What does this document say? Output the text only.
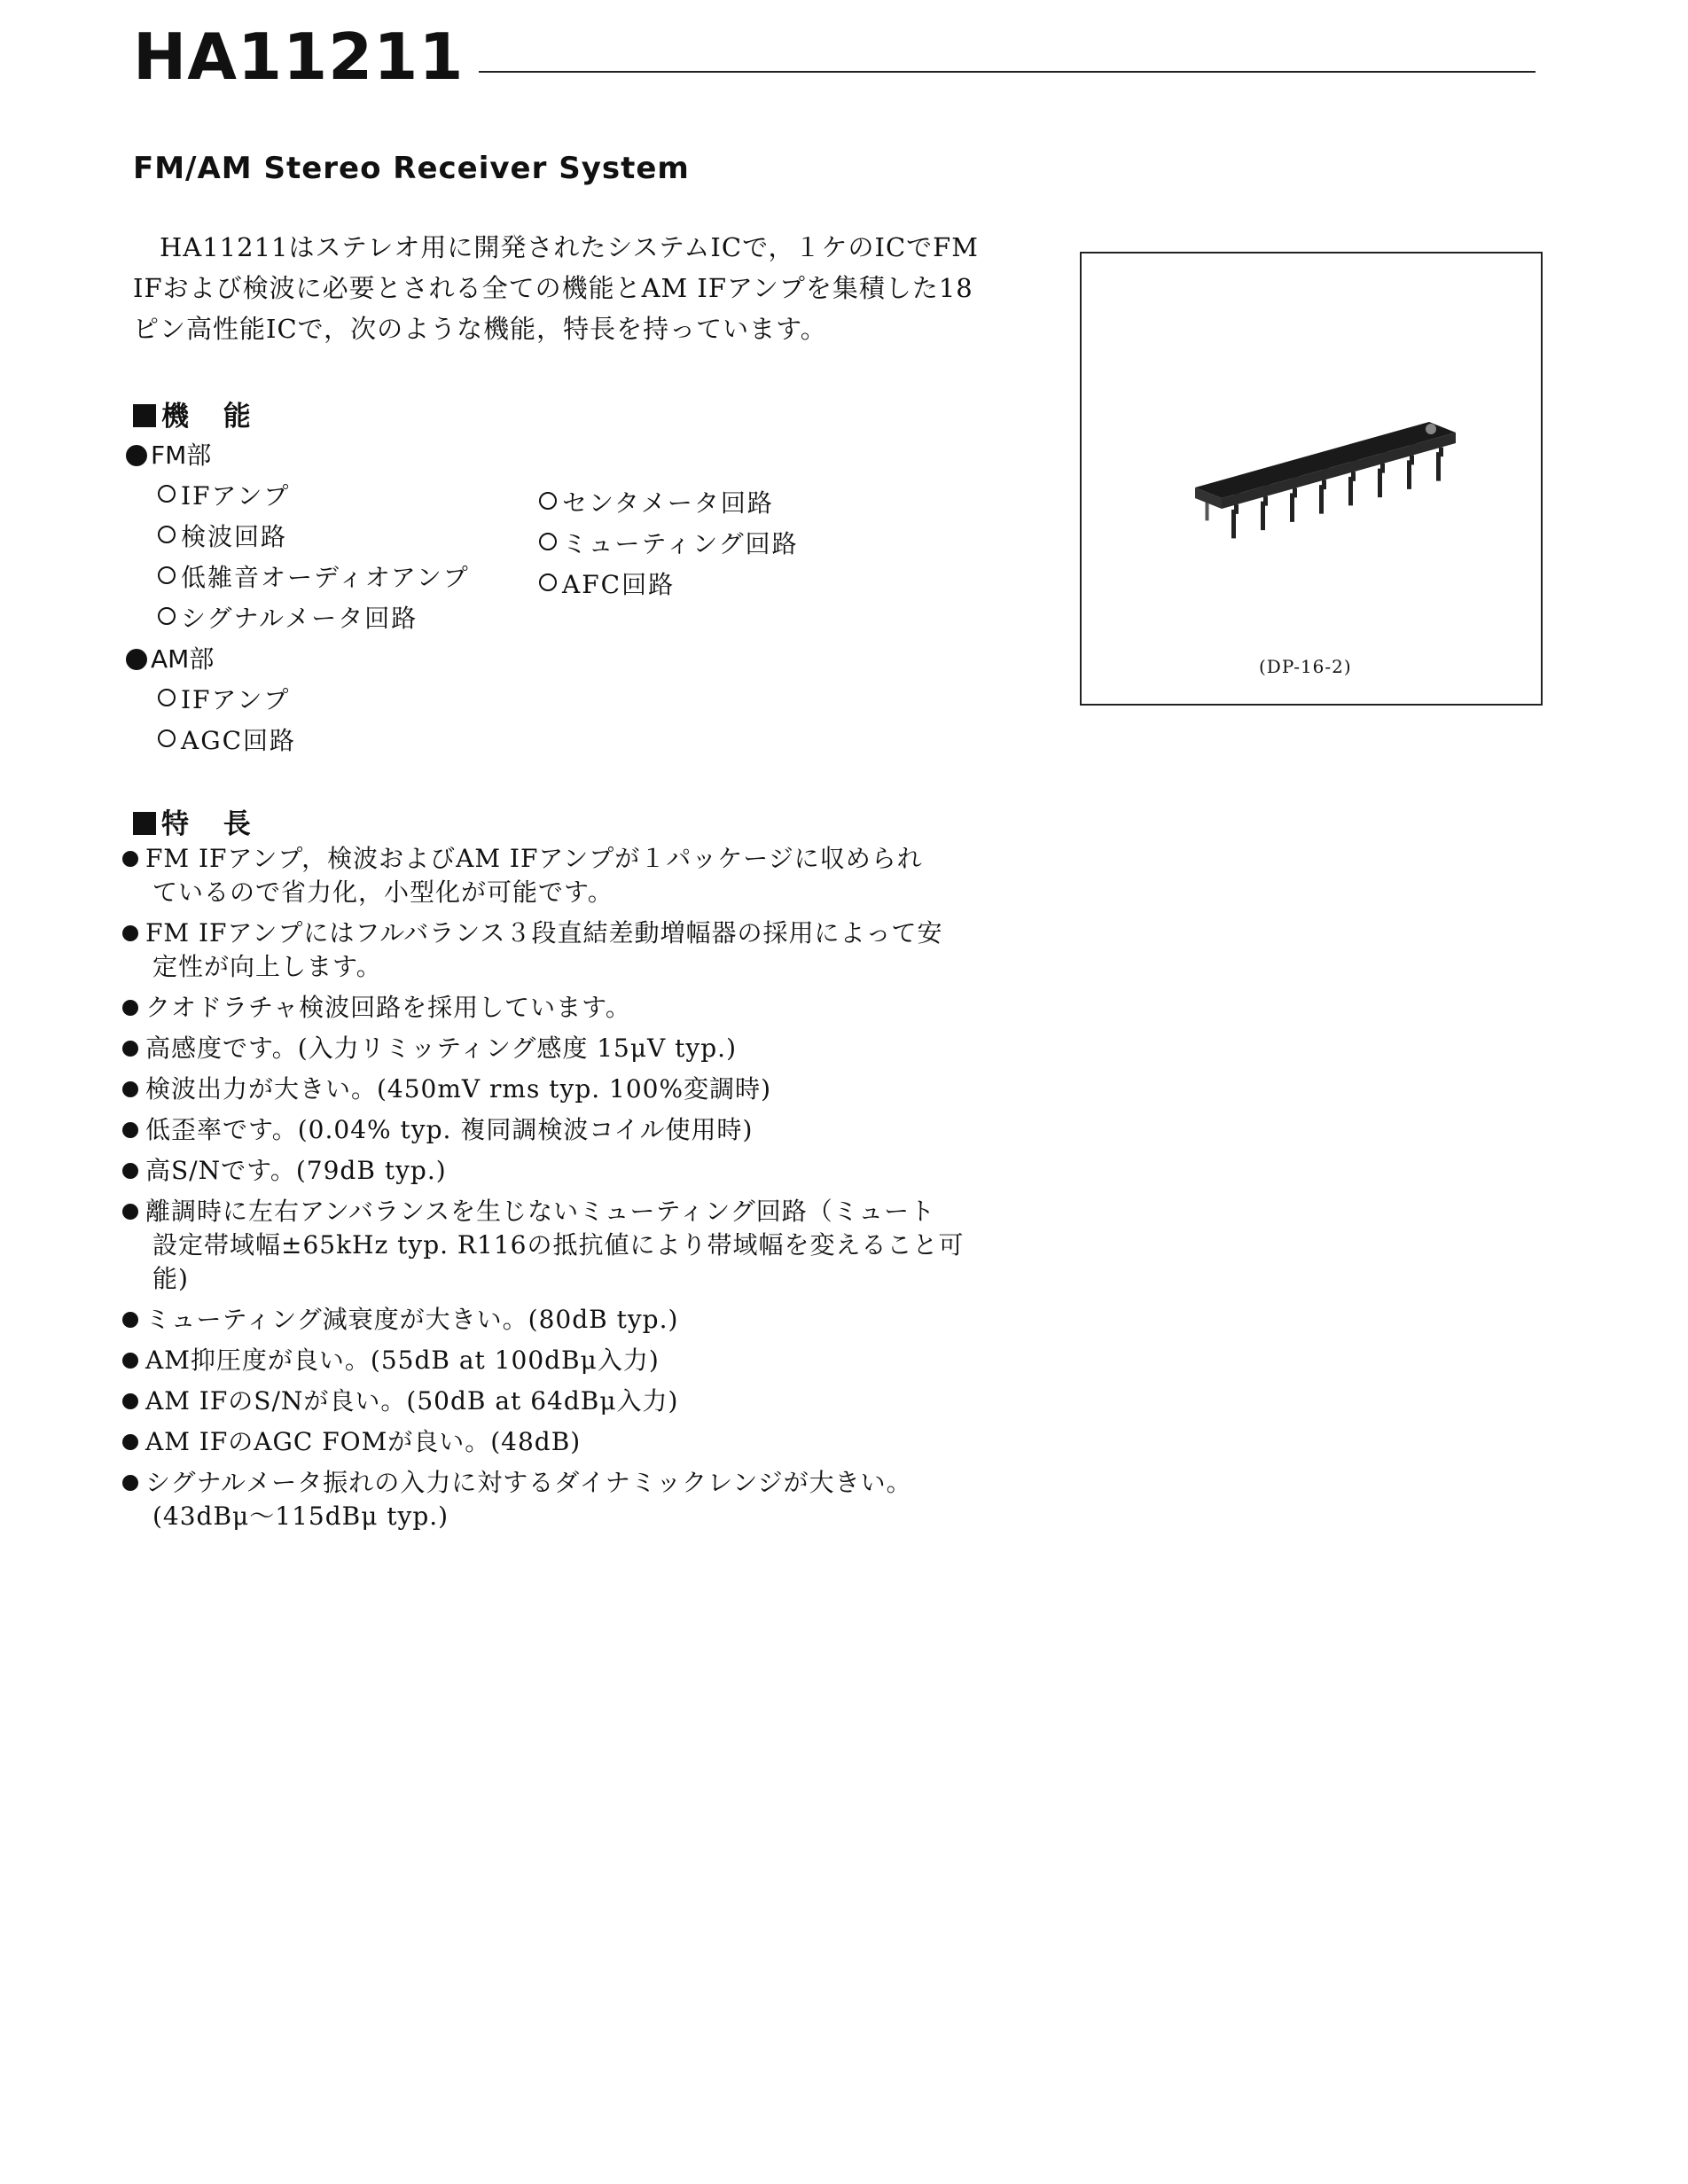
HA11211
FM/AM Stereo Receiver System
HA11211はステレオ用に開発されたシステムICで，１ケのICでFM
IFおよび検波に必要とされる全ての機能とAM IFアンプを集積した18
ピン高性能ICで，次のような機能，特長を持っています。
機 能
FM部
IFアンプ
検波回路
低雑音オーディオアンプ
シグナルメータ回路
センタメータ回路
ミューティング回路
AFC回路
AM部
IFアンプ
AGC回路
特 長
FM IFアンプ，検波およびAM IFアンプが１パッケージに収められ
ているので省力化，小型化が可能です。
FM IFアンプにはフルバランス３段直結差動増幅器の採用によって安
定性が向上します。
クオドラチャ検波回路を採用しています。
高感度です。(入力リミッティング感度 15μV typ.)
検波出力が大きい。(450mV rms typ. 100%変調時)
低歪率です。(0.04% typ. 複同調検波コイル使用時)
高S/Nです。(79dB typ.)
離調時に左右アンバランスを生じないミューティング回路（ミュート
設定帯域幅±65kHz typ. R116の抵抗値により帯域幅を変えること可
能)
ミューティング減衰度が大きい。(80dB typ.)
AM抑圧度が良い。(55dB at 100dBμ入力)
AM IFのS/Nが良い。(50dB at 64dBμ入力)
AM IFのAGC FOMが良い。(48dB)
シグナルメータ振れの入力に対するダイナミックレンジが大きい。
(43dBμ〜115dBμ typ.)
(DP-16-2)
